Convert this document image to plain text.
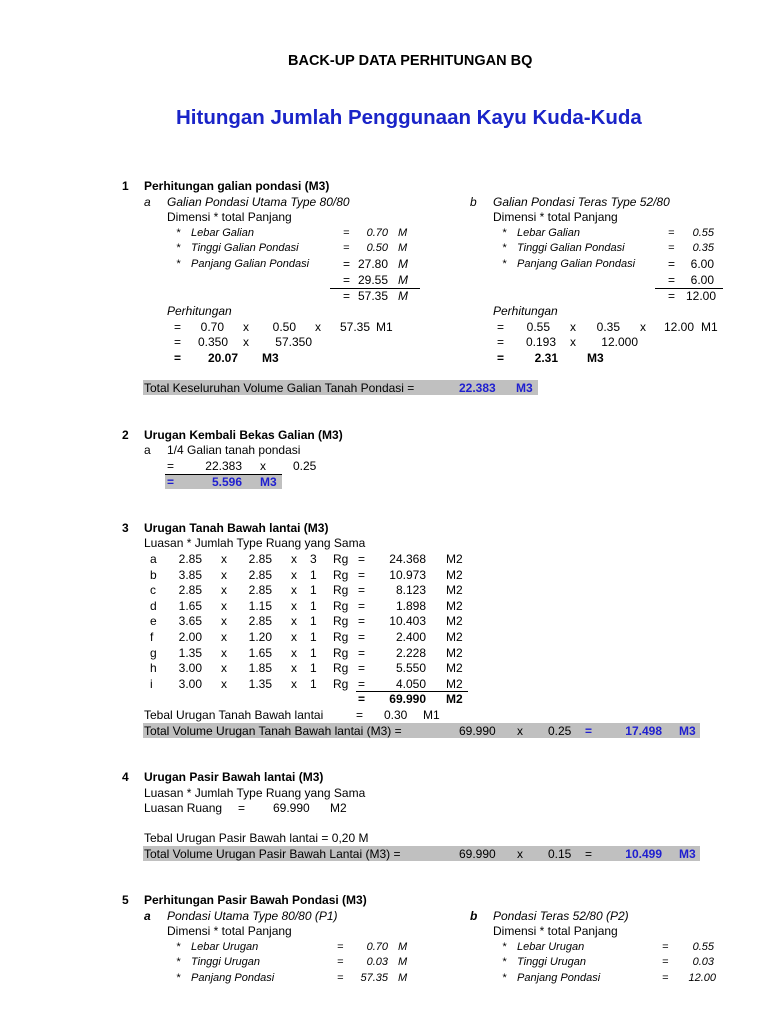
BACK-UP DATA PERHITUNGAN BQ
Hitungan Jumlah Penggunaan Kayu Kuda-Kuda
1 Perhitungan galian pondasi (M3)
a Galian Pondasi Utama Type 80/80
Dimensi * total Panjang
* Lebar Galian	=	0.70 M
* Tinggi Galian Pondasi	=	0.50 M
* Panjang Galian Pondasi	= 27.80 M
= 29.55 M
= 57.35 M
Perhitungan
=	0.70 x	0.50 x	57.35 M1
=	0.350 x	57.350
=	20.07 M3
b Galian Pondasi Teras Type 52/80
Dimensi * total Panjang
* Lebar Galian	=	0.55
* Tinggi Galian Pondasi	=	0.35
* Panjang Galian Pondasi	=	6.00
=	6.00
= 12.00
Perhitungan
=	0.55 x	0.35 x	12.00 M1
=	0.193 x	12.000
=	2.31 M3
Total Keseluruhan Volume Galian Tanah Pondasi =	22.383 M3
2 Urugan Kembali Bekas Galian (M3)
a 1/4 Galian tanah pondasi
=	22.383 x 0.25
=	5.596 M3
3 Urugan Tanah Bawah lantai (M3)
Luasan * Jumlah Type Ruang yang Sama
a	2.85 x	2.85 x	3 Rg =	24.368 M2
b	3.85 x	2.85 x	1 Rg =	10.973 M2
c	2.85 x	2.85 x	1 Rg =	8.123 M2
d	1.65 x	1.15 x	1 Rg =	1.898 M2
e	3.65 x	2.85 x	1 Rg =	10.403 M2
f	2.00 x	1.20 x	1 Rg =	2.400 M2
g	1.35 x	1.65 x	1 Rg =	2.228 M2
h	3.00 x	1.85 x	1 Rg =	5.550 M2
i	3.00 x	1.35 x	1 Rg =	4.050 M2
=	69.990 M2
Tebal Urugan Tanah Bawah lantai	= 0.30 M1
Total Volume Urugan Tanah Bawah lantai (M3) =	69.990 x 0.25 =	17.498 M3
4 Urugan Pasir Bawah lantai (M3)
Luasan * Jumlah Type Ruang yang Sama
Luasan Ruang = 69.990 M2
Tebal Urugan Pasir Bawah lantai = 0,20 M
Total Volume Urugan Pasir Bawah Lantai (M3) =	69.990 x 0.15 =	10.499 M3
5 Perhitungan Pasir Bawah Pondasi (M3)
a Pondasi Utama Type 80/80 (P1)
Dimensi * total Panjang
* Lebar Urugan	=	0.70 M
* Tinggi Urugan	=	0.03 M
* Panjang Pondasi	=	57.35 M
b Pondasi Teras 52/80 (P2)
Dimensi * total Panjang
* Lebar Urugan	=	0.55
* Tinggi Urugan	=	0.03
* Panjang Pondasi	=	12.00
